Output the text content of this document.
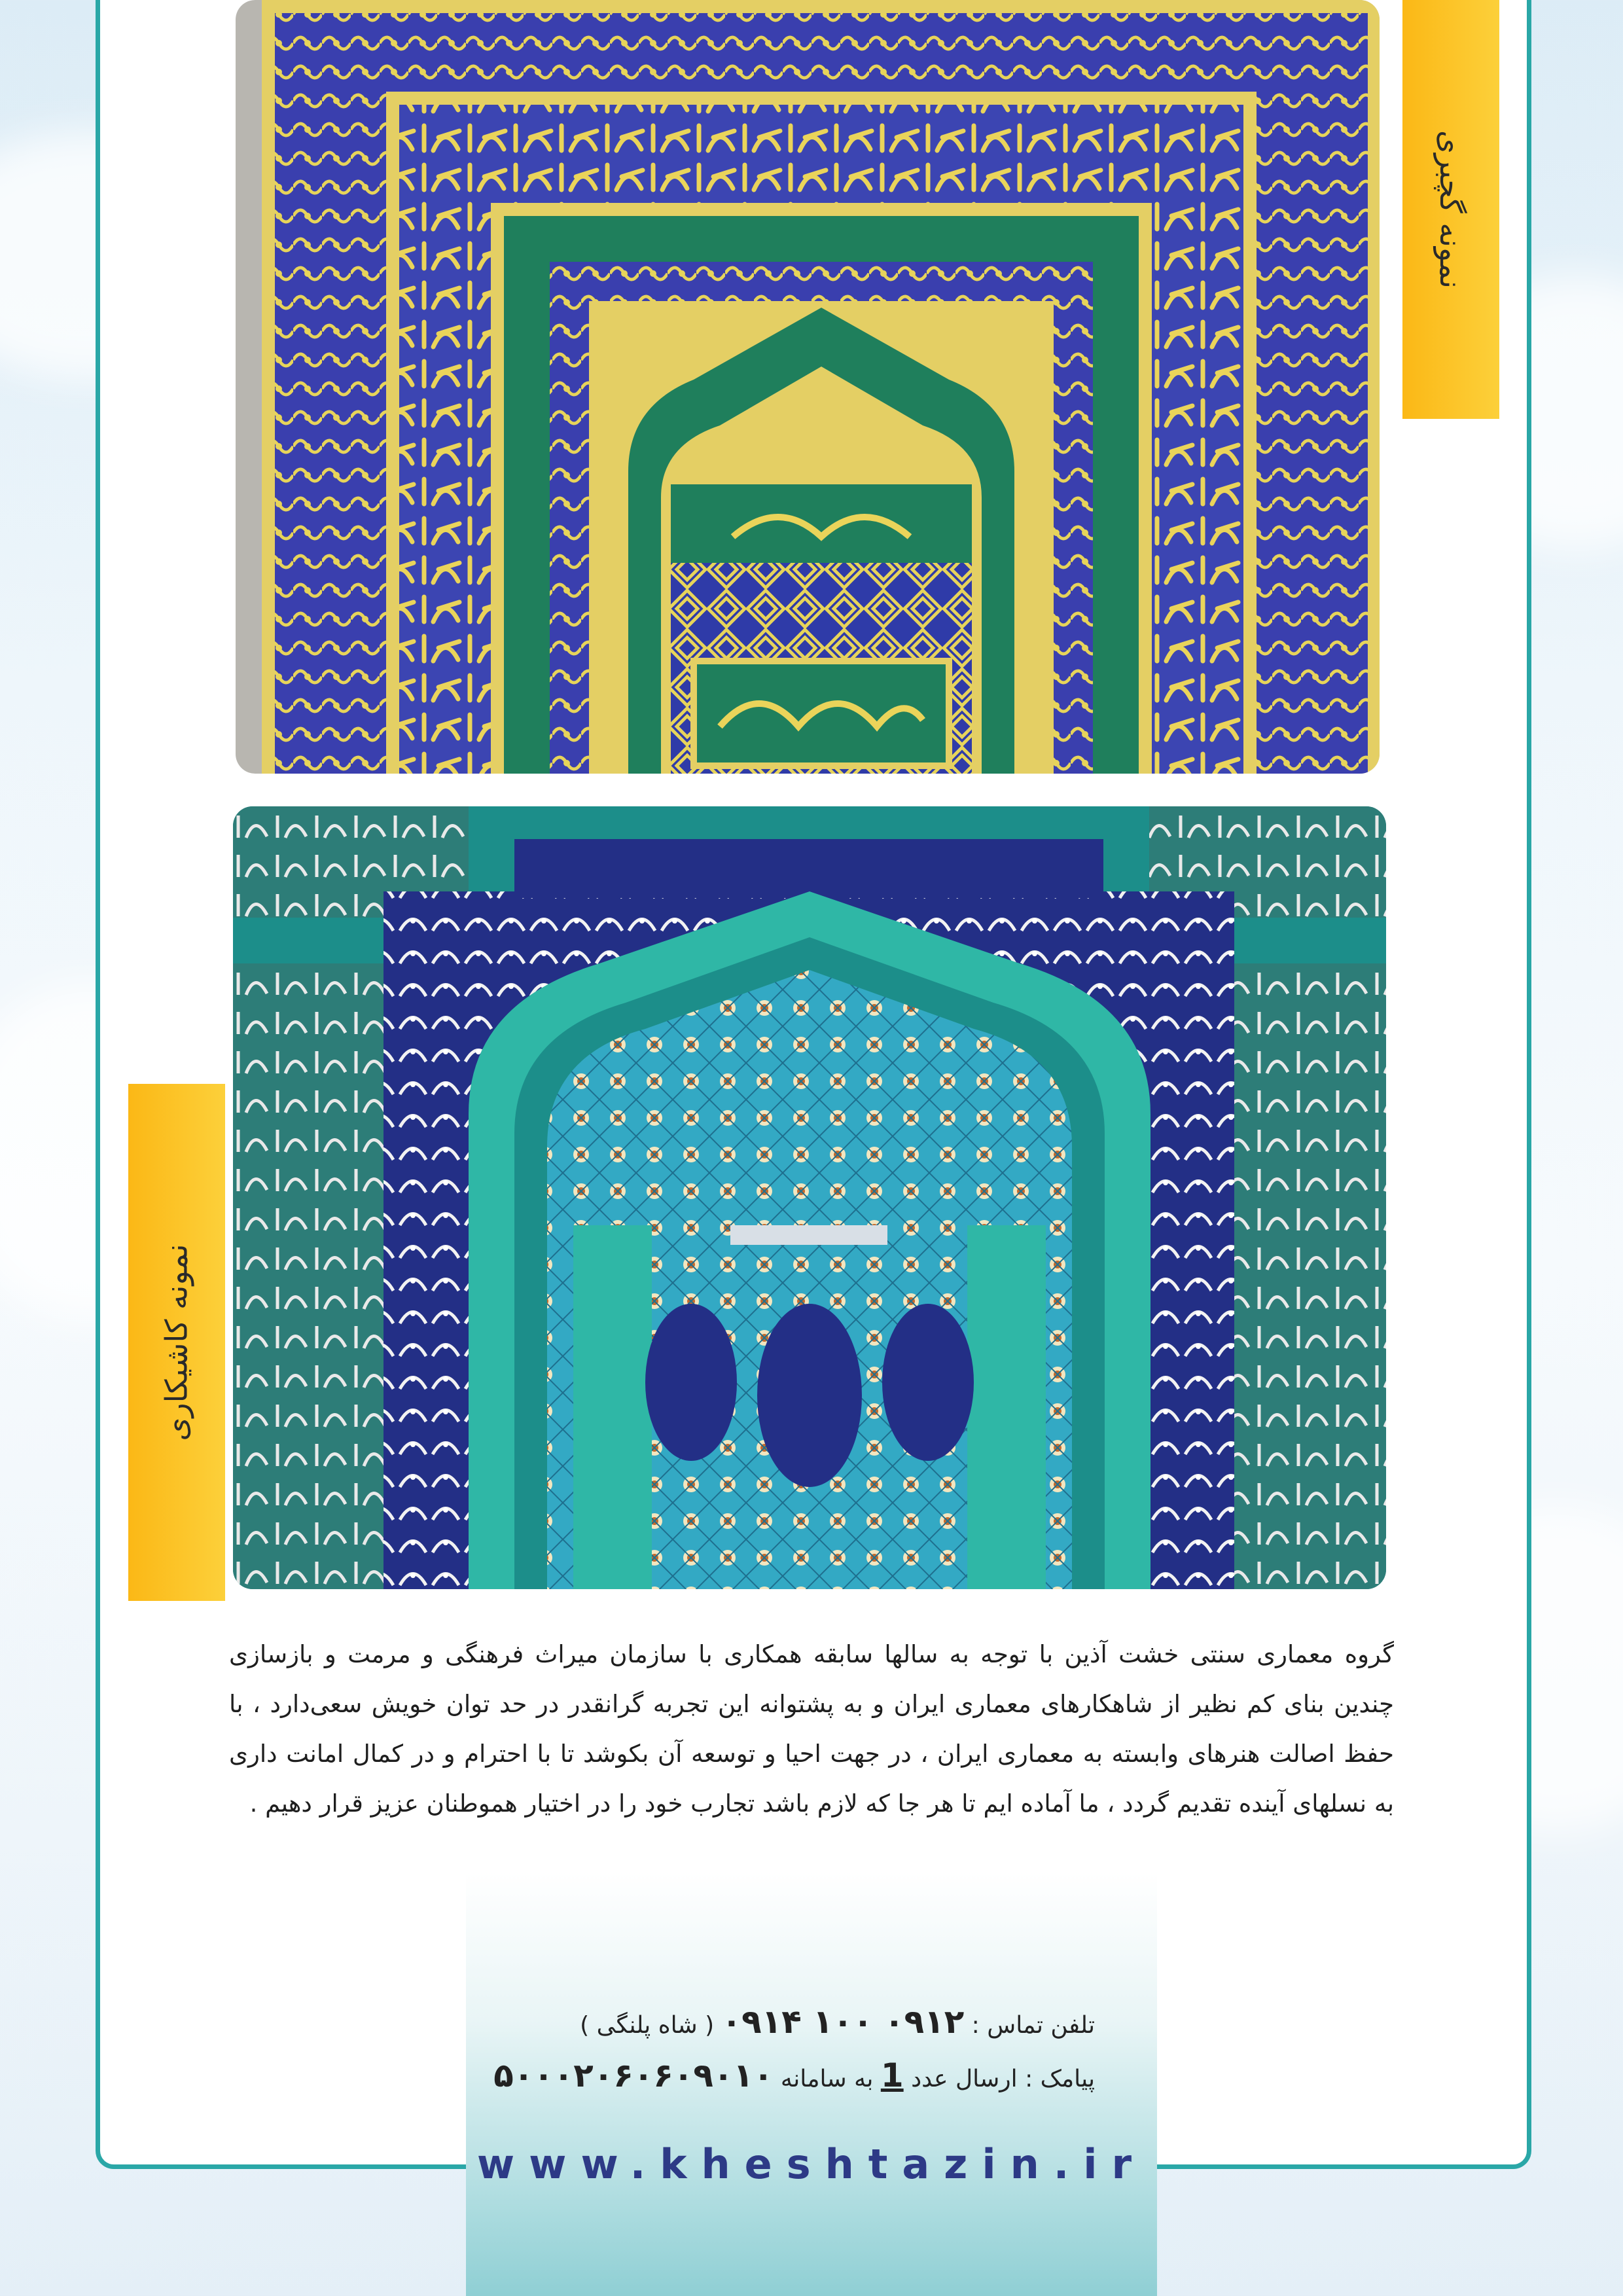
نمونه گچبری
نمونه کاشیکاری
گروه معماری سنتی خشت آذین با توجه به سالها سابقه همکاری با سازمان میراث فرهنگی و مرمت و بازسازی چندین بنای کم نظیر از شاهکارهای معماری ایران و به پشتوانه این تجربه گرانقدر در حد توان خویش سعی‌دارد ، با حفظ اصالت هنرهای وابسته به معماری ایران ، در جهت احیا و توسعه آن بکوشد تا با احترام و در کمال امانت داری به نسلهای آینده تقدیم گردد ، ما آماده ایم تا هر جا که لازم باشد تجارب خود را در اختیار هموطنان عزیز قرار دهیم .
تلفن تماس : ۰۹۱۲ ۱۰۰ ۰۹۱۴ ( شاه پلنگی )
پیامک : ارسال عدد 1 به سامانه ۵۰۰۰۲۰۶۰۶۰۹۰۱۰
www.kheshtazin.ir
